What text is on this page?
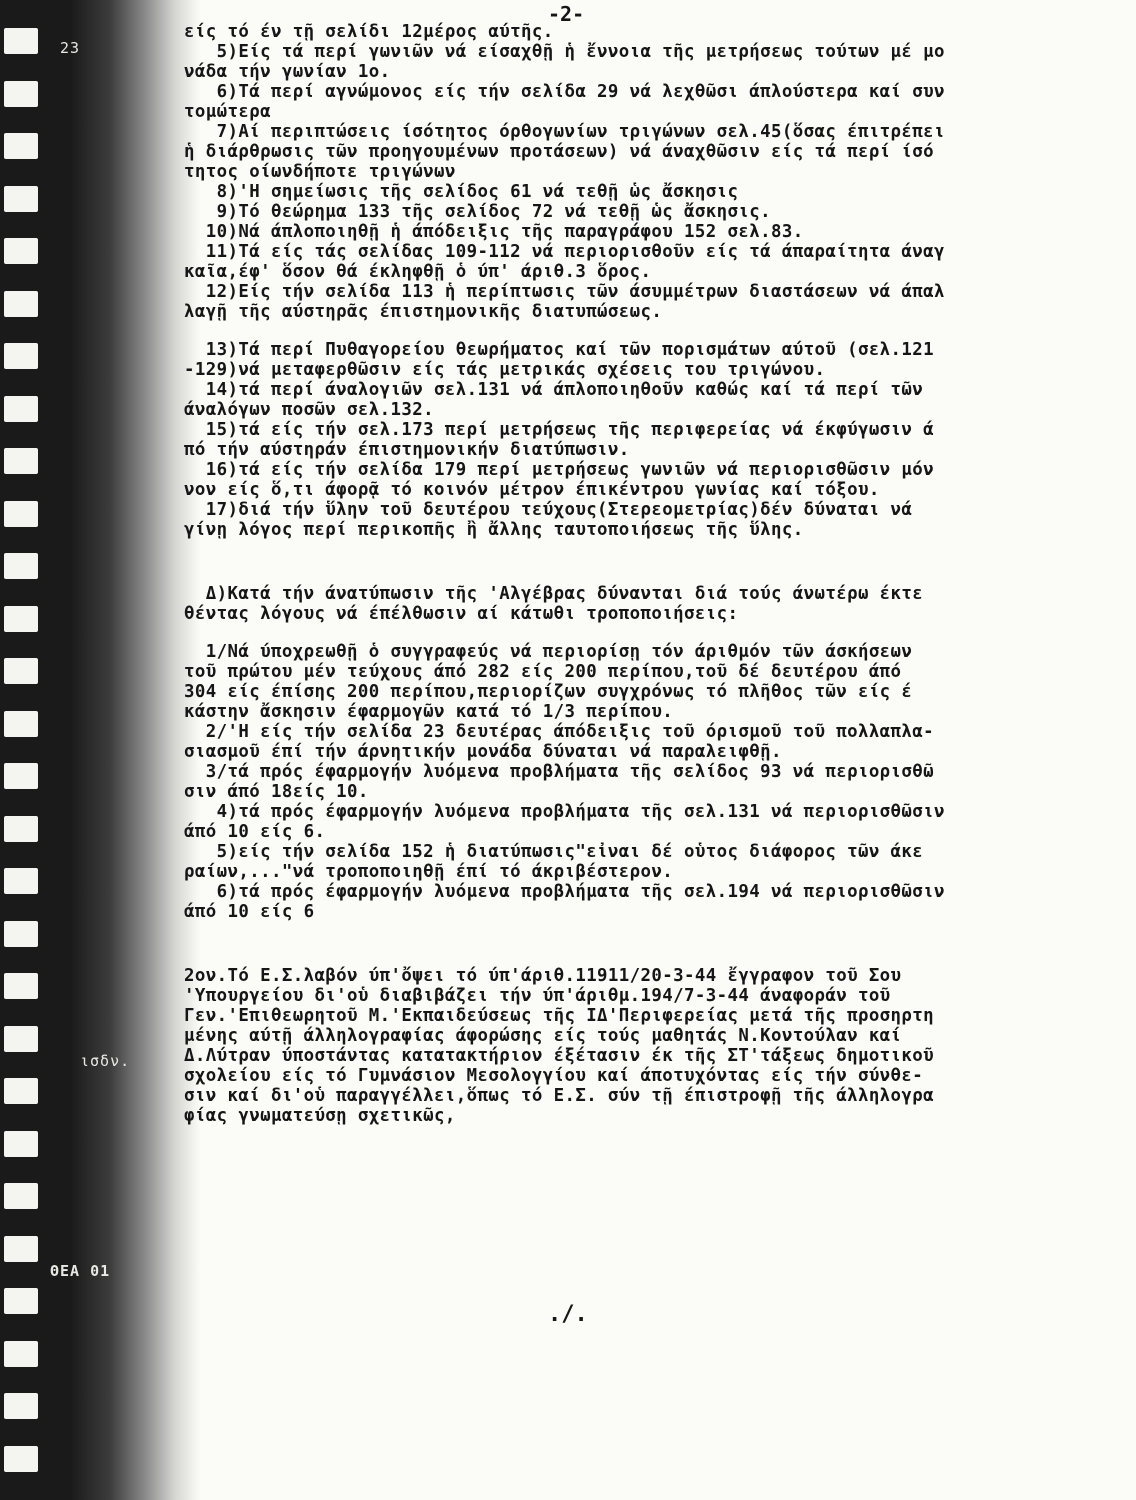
23
ισδν.
ΘΕΑ 01
-2-
είς τό έν τῇ σελίδι 12μέρος αύτῆς.
5)Είς τά περί γωνιῶν νά είσαχθῇ ἡ ἔννοια τῆς μετρήσεως τούτων μέ μο
νάδα τήν γωνίαν 1ο.
6)Τά περί αγνώμονος είς τήν σελίδα 29 νά λεχθῶσι άπλούστερα καί συν
τομώτερα
7)Αί περιπτώσεις ίσότητος όρθογωνίων τριγώνων σελ.45(ὅσας έπιτρέπει
ἡ διάρθρωσις τῶν προηγουμένων προτάσεων) νά άναχθῶσιν είς τά περί ίσό
τητος οίωνδήποτε τριγώνων
8)'Η σημείωσις τῆς σελίδος 61 νά τεθῇ ὡς ἄσκησις
9)Τό θεώρημα 133 τῆς σελίδος 72 νά τεθῇ ὡς ἄσκησις.
10)Νά άπλοποιηθῇ ἡ άπόδειξις τῆς παραγράφου 152 σελ.83.
11)Τά είς τάς σελίδας 109-112 νά περιορισθοῦν είς τά άπαραίτητα άναγ
καῖα,έφ' ὅσον θά έκληφθῇ ὁ ύπ' άριθ.3 ὅρος.
12)Είς τήν σελίδα 113 ἡ περίπτωσις τῶν άσυμμέτρων διαστάσεων νά άπαλ
λαγῇ τῆς αύστηρᾶς έπιστημονικῆς διατυπώσεως.
13)Τά περί Πυθαγορείου θεωρήματος καί τῶν πορισμάτων αύτοῦ (σελ.121
-129)νά μεταφερθῶσιν είς τάς μετρικάς σχέσεις του τριγώνου.
14)τά περί άναλογιῶν σελ.131 νά άπλοποιηθοῦν καθώς καί τά περί τῶν
άναλόγων ποσῶν σελ.132.
15)τά είς τήν σελ.173 περί μετρήσεως τῆς περιφερείας νά έκφύγωσιν ά
πό τήν αύστηράν έπιστημονικήν διατύπωσιν.
16)τά είς τήν σελίδα 179 περί μετρήσεως γωνιῶν νά περιορισθῶσιν μόν
νον είς ὅ,τι άφορᾷ τό κοινόν μέτρον έπικέντρου γωνίας καί τόξου.
17)διά τήν ὕλην τοῦ δευτέρου τεύχους(Στερεομετρίας)δέν δύναται νά
γίνῃ λόγος περί περικοπῆς ἢ ἄλλης ταυτοποιήσεως τῆς ὕλης.
Δ)Κατά τήν άνατύπωσιν τῆς 'Αλγέβρας δύνανται διά τούς άνωτέρω έκτε
θέντας λόγους νά έπέλθωσιν αί κάτωθι τροποποιήσεις:
1/Νά ύποχρεωθῇ ὁ συγγραφεύς νά περιορίσῃ τόν άριθμόν τῶν άσκήσεων
τοῦ πρώτου μέν τεύχους άπό 282 είς 200 περίπου,τοῦ δέ δευτέρου άπό
304 είς έπίσης 200 περίπου,περιορίζων συγχρόνως τό πλῆθος τῶν είς έ
κάστην ἄσκησιν έφαρμογῶν κατά τό 1/3 περίπου.
2/'Η είς τήν σελίδα 23 δευτέρας άπόδειξις τοῦ όρισμοῦ τοῦ πολλαπλα-
σιασμοῦ έπί τήν άρνητικήν μονάδα δύναται νά παραλειφθῇ.
3/τά πρός έφαρμογήν λυόμενα προβλήματα τῆς σελίδος 93 νά περιορισθῶ
σιν άπό 18είς 10.
4)τά πρός έφαρμογήν λυόμενα προβλήματα τῆς σελ.131 νά περιορισθῶσιν
άπό 10 είς 6.
5)είς τήν σελίδα 152 ἡ διατύπωσις"εἶναι δέ οὗτος διάφορος τῶν άκε
ραίων,..."νά τροποποιηθῇ έπί τό άκριβέστερον.
6)τά πρός έφαρμογήν λυόμενα προβλήματα τῆς σελ.194 νά περιορισθῶσιν
άπό 10 είς 6
2ον.Τό Ε.Σ.λαβόν ύπ'ὄψει τό ύπ'άριθ.11911/20-3-44 ἔγγραφον τοῦ Σου
'Υπουργείου δι'οὗ διαβιβάζει τήν ύπ'άριθμ.194/7-3-44 άναφοράν τοῦ
Γεν.'Επιθεωρητοῦ Μ.'Εκπαιδεύσεως τῆς ΙΔ'Περιφερείας μετά τῆς προσηρτη
μένης αύτῇ άλληλογραφίας άφορώσης είς τούς μαθητάς Ν.Κοντούλαν καί
Δ.Λύτραν ύποστάντας κατατακτήριον έξέτασιν έκ τῆς ΣΤ'τάξεως δημοτικοῦ
σχολείου είς τό Γυμνάσιον Μεσολογγίου καί άποτυχόντας είς τήν σύνθε-
σιν καί δι'οὗ παραγγέλλει,ὅπως τό Ε.Σ. σύν τῇ έπιστροφῇ τῆς άλληλογρα
φίας γνωματεύσῃ σχετικῶς,
./.
